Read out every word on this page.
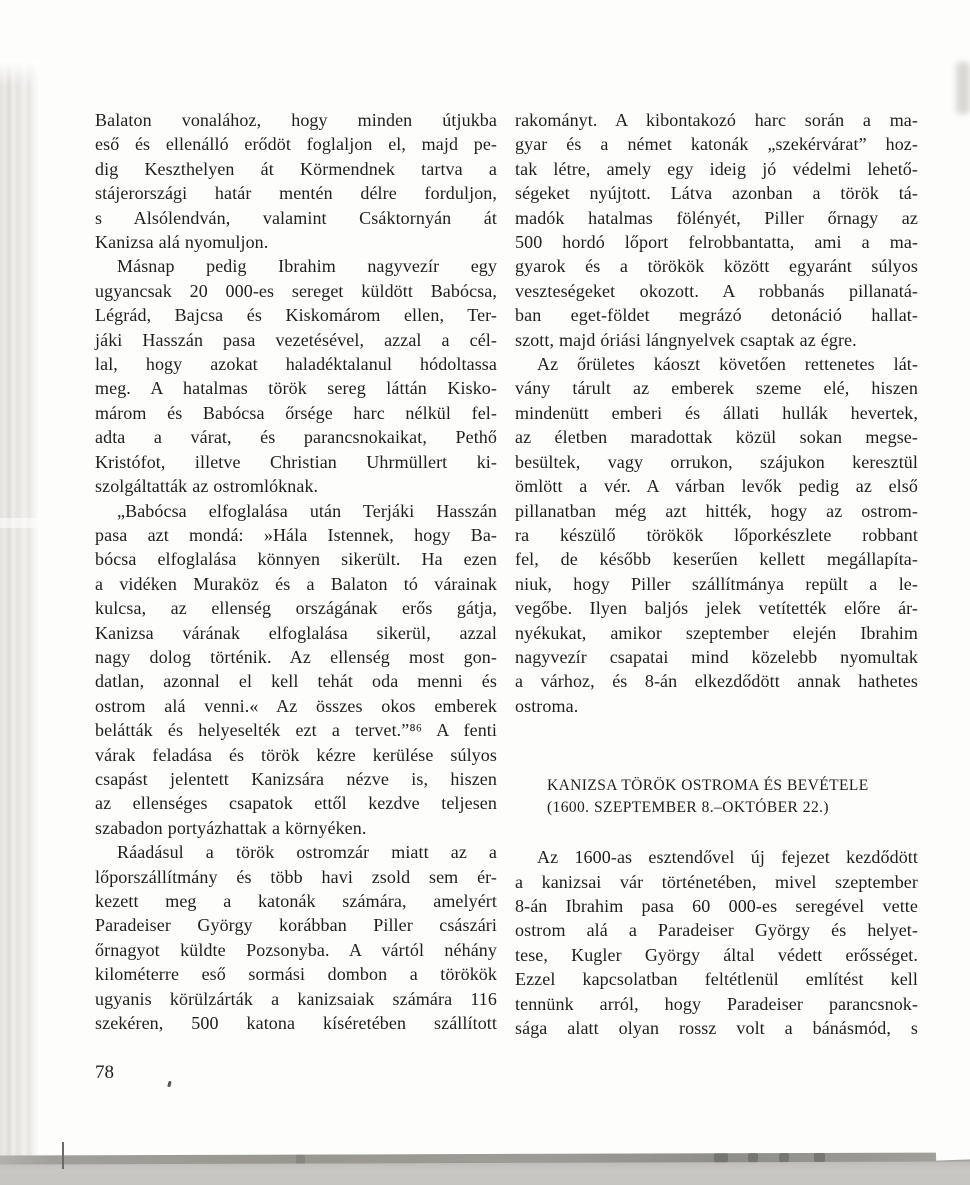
Balaton vonalához, hogy minden útjukba
eső és ellenálló erődöt foglaljon el, majd pe-
dig Keszthelyen át Körmendnek tartva a
stájerországi határ mentén délre forduljon,
s Alsólendván, valamint Csáktornyán át
Kanizsa alá nyomuljon.
Másnap pedig Ibrahim nagyvezír egy
ugyancsak 20 000-es sereget küldött Babócsa,
Légrád, Bajcsa és Kiskomárom ellen, Ter-
jáki Hasszán pasa vezetésével, azzal a cél-
lal, hogy azokat haladéktalanul hódoltassa
meg. A hatalmas török sereg láttán Kisko-
márom és Babócsa őrsége harc nélkül fel-
adta a várat, és parancsnokaikat, Pethő
Kristófot, illetve Christian Uhrmüllert ki-
szolgáltatták az ostromlóknak.
„Babócsa elfoglalása után Terjáki Hasszán
pasa azt mondá: »Hála Istennek, hogy Ba-
bócsa elfoglalása könnyen sikerült. Ha ezen
a vidéken Muraköz és a Balaton tó várainak
kulcsa, az ellenség országának erős gátja,
Kanizsa várának elfoglalása sikerül, azzal
nagy dolog történik. Az ellenség most gon-
datlan, azonnal el kell tehát oda menni és
ostrom alá venni.« Az összes okos emberek
belátták és helyeselték ezt a tervet.”⁸⁶ A fenti
várak feladása és török kézre kerülése súlyos
csapást jelentett Kanizsára nézve is, hiszen
az ellenséges csapatok ettől kezdve teljesen
szabadon portyázhattak a környéken.
Ráadásul a török ostromzár miatt az a
lőporszállítmány és több havi zsold sem ér-
kezett meg a katonák számára, amelyért
Paradeiser György korábban Piller császári
őrnagyot küldte Pozsonyba. A vártól néhány
kilométerre eső sormási dombon a törökök
ugyanis körülzárták a kanizsaiak számára 116
szekéren, 500 katona kíséretében szállított
rakományt. A kibontakozó harc során a ma-
gyar és a német katonák „szekérvárat” hoz-
tak létre, amely egy ideig jó védelmi lehető-
ségeket nyújtott. Látva azonban a török tá-
madók hatalmas fölényét, Piller őrnagy az
500 hordó lőport felrobbantatta, ami a ma-
gyarok és a törökök között egyaránt súlyos
veszteségeket okozott. A robbanás pillanatá-
ban eget-földet megrázó detonáció hallat-
szott, majd óriási lángnyelvek csaptak az égre.
Az őrületes káoszt követően rettenetes lát-
vány tárult az emberek szeme elé, hiszen
mindenütt emberi és állati hullák hevertek,
az életben maradottak közül sokan megse-
besültek, vagy orrukon, szájukon keresztül
ömlött a vér. A várban levők pedig az első
pillanatban még azt hitték, hogy az ostrom-
ra készülő törökök lőporkészlete robbant
fel, de később keserűen kellett megállapíta-
niuk, hogy Piller szállítmánya repült a le-
vegőbe. Ilyen baljós jelek vetítették előre ár-
nyékukat, amikor szeptember elején Ibrahim
nagyvezír csapatai mind közelebb nyomultak
a várhoz, és 8-án elkezdődött annak hathetes
ostroma.
KANIZSA TÖRÖK OSTROMA ÉS BEVÉTELE
(1600. SZEPTEMBER 8.–OKTÓBER 22.)
Az 1600-as esztendővel új fejezet kezdődött
a kanizsai vár történetében, mivel szeptember
8-án Ibrahim pasa 60 000-es seregével vette
ostrom alá a Paradeiser György és helyet-
tese, Kugler György által védett erősséget.
Ezzel kapcsolatban feltétlenül említést kell
tennünk arról, hogy Paradeiser parancsnok-
sága alatt olyan rossz volt a bánásmód, s
78
